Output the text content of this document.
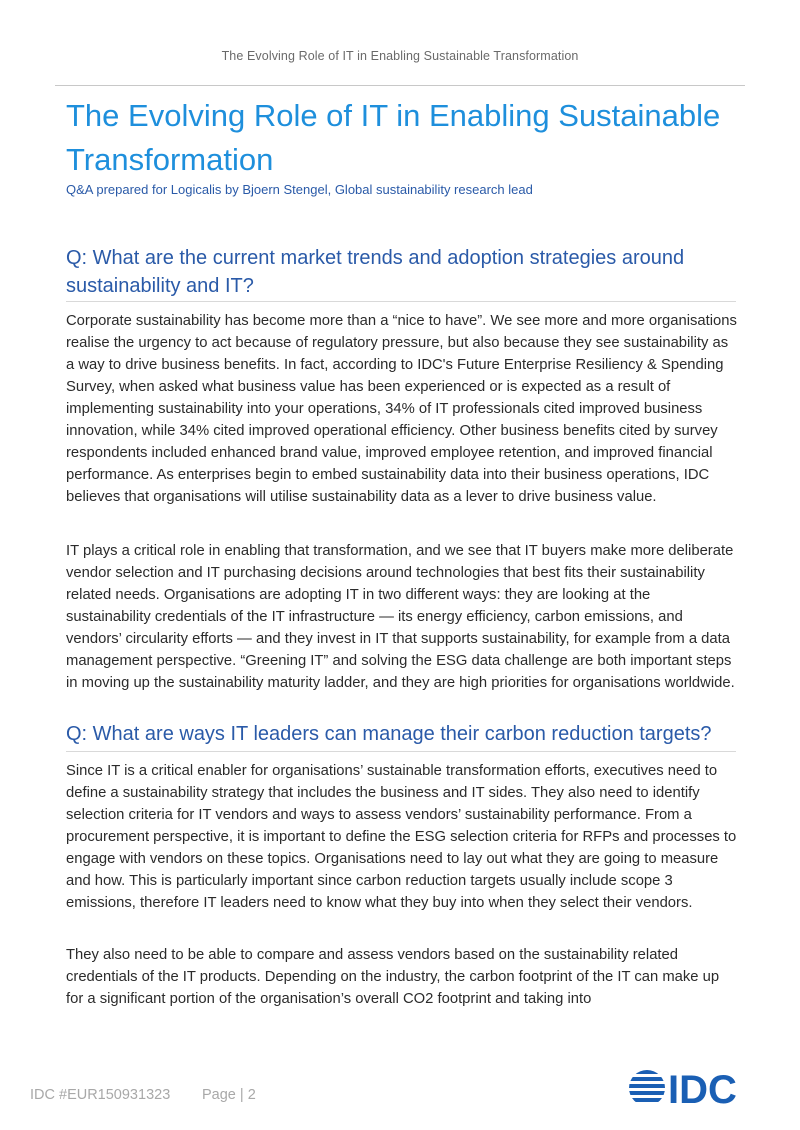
The Evolving Role of IT in Enabling Sustainable Transformation
The Evolving Role of IT in Enabling Sustainable Transformation
Q&A prepared for Logicalis by Bjoern Stengel, Global sustainability research lead
Q: What are the current market trends and adoption strategies around sustainability and IT?

Corporate sustainability has become more than a “nice to have”. We see more and more organisations realise the urgency to act because of regulatory pressure, but also because they see sustainability as a way to drive business benefits. In fact, according to IDC's Future Enterprise Resiliency & Spending Survey, when asked what business value has been experienced or is expected as a result of implementing sustainability into your operations, 34% of IT professionals cited improved business innovation, while 34% cited improved operational efficiency. Other business benefits cited by survey respondents included enhanced brand value, improved employee retention, and improved financial performance. As enterprises begin to embed sustainability data into their business operations, IDC believes that organisations will utilise sustainability data as a lever to drive business value.

IT plays a critical role in enabling that transformation, and we see that IT buyers make more deliberate vendor selection and IT purchasing decisions around technologies that best fits their sustainability related needs. Organisations are adopting IT in two different ways: they are looking at the sustainability credentials of the IT infrastructure — its energy efficiency, carbon emissions, and vendors’ circularity efforts — and they invest in IT that supports sustainability, for example from a data management perspective. “Greening IT” and solving the ESG data challenge are both important steps in moving up the sustainability maturity ladder, and they are high priorities for organisations worldwide.

Q: What are ways IT leaders can manage their carbon reduction targets?

Since IT is a critical enabler for organisations’ sustainable transformation efforts, executives need to define a sustainability strategy that includes the business and IT sides. They also need to identify selection criteria for IT vendors and ways to assess vendors’ sustainability performance. From a procurement perspective, it is important to define the ESG selection criteria for RFPs and processes to engage with vendors on these topics. Organisations need to lay out what they are going to measure and how. This is particularly important since carbon reduction targets usually include scope 3 emissions, therefore IT leaders need to know what they buy into when they select their vendors.

They also need to be able to compare and assess vendors based on the sustainability related credentials of the IT products. Depending on the industry, the carbon footprint of the IT can make up for a significant portion of the organisation’s overall CO2 footprint and taking into

IDC #EUR150931323 Page | 2	IDC
